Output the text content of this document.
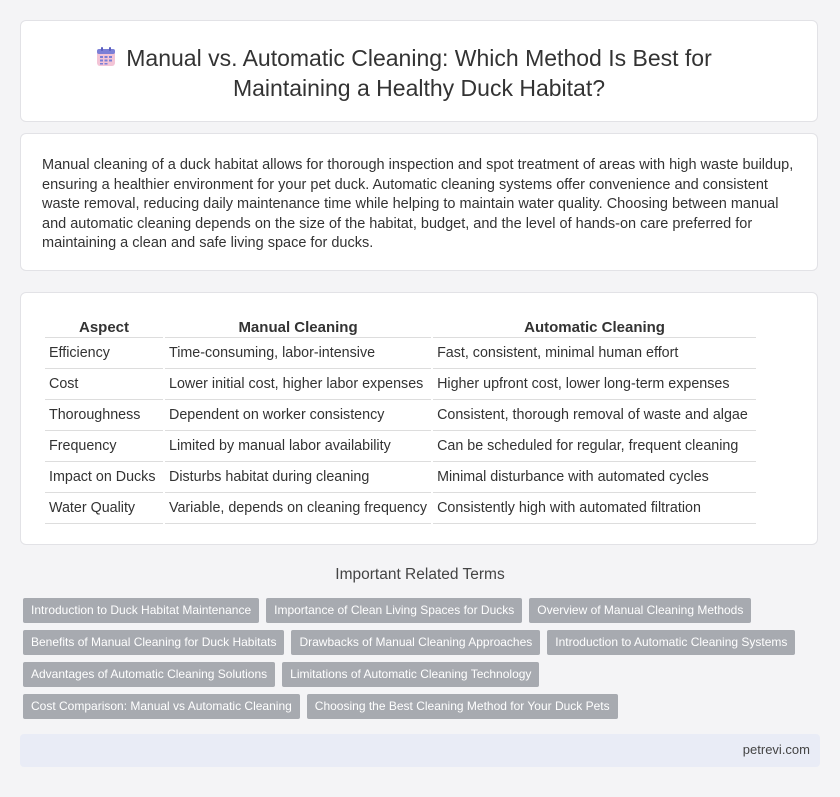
Manual vs. Automatic Cleaning: Which Method Is Best for Maintaining a Healthy Duck Habitat?

Manual cleaning of a duck habitat allows for thorough inspection and spot treatment of areas with high waste buildup, ensuring a healthier environment for your pet duck. Automatic cleaning systems offer convenience and consistent waste removal, reducing daily maintenance time while helping to maintain water quality. Choosing between manual and automatic cleaning depends on the size of the habitat, budget, and the level of hands-on care preferred for maintaining a clean and safe living space for ducks.

Aspect	Manual Cleaning	Automatic Cleaning
Efficiency	Time-consuming, labor-intensive	Fast, consistent, minimal human effort
Cost	Lower initial cost, higher labor expenses	Higher upfront cost, lower long-term expenses
Thoroughness	Dependent on worker consistency	Consistent, thorough removal of waste and algae
Frequency	Limited by manual labor availability	Can be scheduled for regular, frequent cleaning
Impact on Ducks	Disturbs habitat during cleaning	Minimal disturbance with automated cycles
Water Quality	Variable, depends on cleaning frequency	Consistently high with automated filtration
Important Related Terms
Introduction to Duck Habitat Maintenance	Importance of Clean Living Spaces for Ducks	Overview of Manual Cleaning Methods
Benefits of Manual Cleaning for Duck Habitats	Drawbacks of Manual Cleaning Approaches	Introduction to Automatic Cleaning Systems
Advantages of Automatic Cleaning Solutions	Limitations of Automatic Cleaning Technology
Cost Comparison: Manual vs Automatic Cleaning	Choosing the Best Cleaning Method for Your Duck Pets
petrevi.com
